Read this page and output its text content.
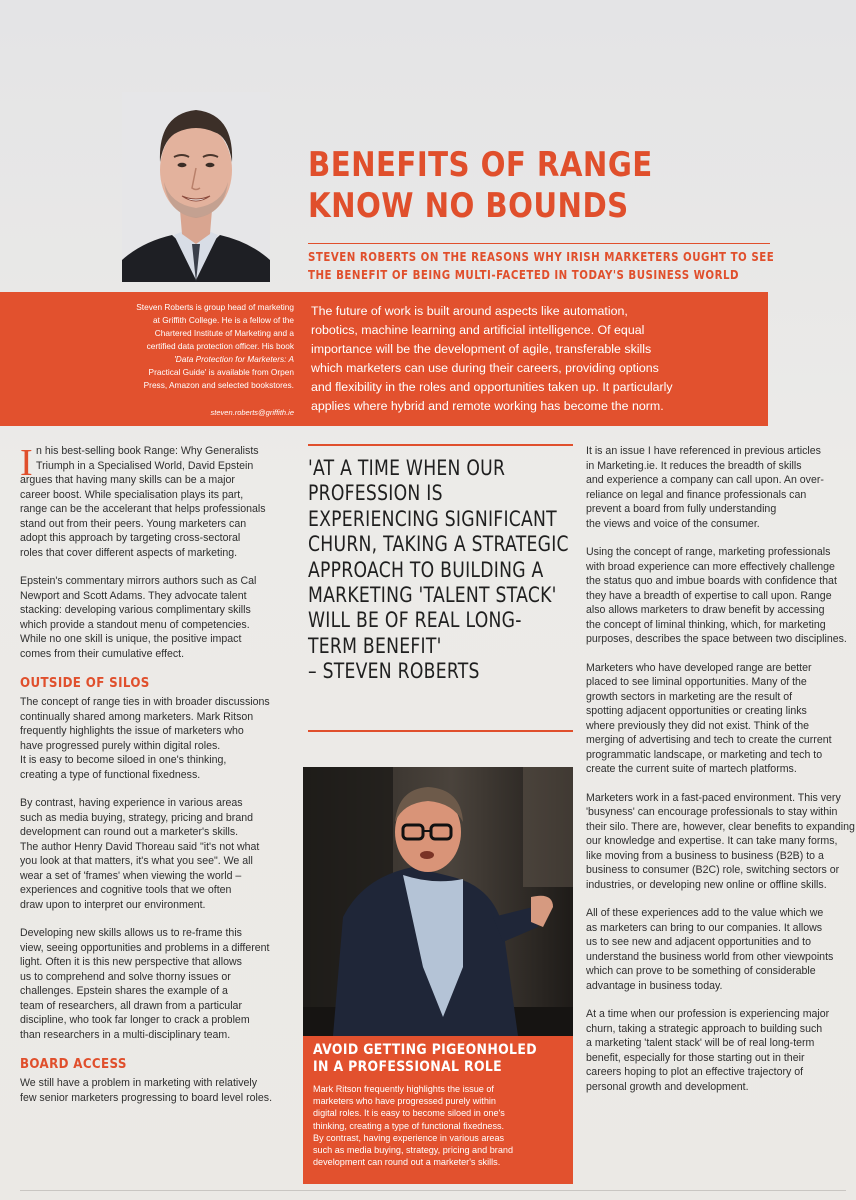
BENEFITS OF RANGE
KNOW NO BOUNDS
STEVEN ROBERTS ON THE REASONS WHY IRISH MARKETERS OUGHT TO SEE
THE BENEFIT OF BEING MULTI-FACETED IN TODAY'S BUSINESS WORLD

Steven Roberts is group head of marketing

at Griffith College. He is a fellow of the

Chartered Institute of Marketing and a

certified data protection officer. His book

'Data Protection for Marketers: A

Practical Guide' is available from Orpen

Press, Amazon and selected bookstores.

steven.roberts@griffith.ie

The future of work is built around aspects like automation,

robotics, machine learning and artificial intelligence. Of equal

importance will be the development of agile, transferable skills

which marketers can use during their careers, providing options

and flexibility in the roles and opportunities taken up. It particularly

applies where hybrid and remote working has become the norm.

I n his best-selling book Range: Why Generalists

Triumph in a Specialised World, David Epstein

argues that having many skills can be a major

career boost. While specialisation plays its part,

range can be the accelerant that helps professionals

stand out from their peers. Young marketers can

adopt this approach by targeting cross-sectoral

roles that cover different aspects of marketing.

Epstein's commentary mirrors authors such as Cal

Newport and Scott Adams. They advocate talent

stacking: developing various complimentary skills

which provide a standout menu of competencies.

While no one skill is unique, the positive impact

comes from their cumulative effect.

OUTSIDE OF SILOS

The concept of range ties in with broader discussions

continually shared among marketers. Mark Ritson

frequently highlights the issue of marketers who

have progressed purely within digital roles.

It is easy to become siloed in one's thinking,

creating a type of functional fixedness.

By contrast, having experience in various areas

such as media buying, strategy, pricing and brand

development can round out a marketer's skills.

The author Henry David Thoreau said "it's not what

you look at that matters, it's what you see". We all

wear a set of 'frames' when viewing the world –

experiences and cognitive tools that we often

draw upon to interpret our environment.

Developing new skills allows us to re-frame this

view, seeing opportunities and problems in a different

light. Often it is this new perspective that allows

us to comprehend and solve thorny issues or

challenges. Epstein shares the example of a

team of researchers, all drawn from a particular

discipline, who took far longer to crack a problem

than researchers in a multi-disciplinary team.

BOARD ACCESS

We still have a problem in marketing with relatively

few senior marketers progressing to board level roles.

'AT A TIME WHEN OUR

PROFESSION IS

EXPERIENCING SIGNIFICANT

CHURN, TAKING A STRATEGIC

APPROACH TO BUILDING A

MARKETING 'TALENT STACK'

WILL BE OF REAL LONG-

TERM BENEFIT'

– STEVEN ROBERTS

AVOID GETTING PIGEONHOLED
IN A PROFESSIONAL ROLE

Mark Ritson frequently highlights the issue of

marketers who have progressed purely within

digital roles. It is easy to become siloed in one's

thinking, creating a type of functional fixedness.

By contrast, having experience in various areas

such as media buying, strategy, pricing and brand

development can round out a marketer's skills.

It is an issue I have referenced in previous articles

in Marketing.ie. It reduces the breadth of skills

and experience a company can call upon. An over-

reliance on legal and finance professionals can

prevent a board from fully understanding

the views and voice of the consumer.

Using the concept of range, marketing professionals

with broad experience can more effectively challenge

the status quo and imbue boards with confidence that

they have a breadth of expertise to call upon. Range

also allows marketers to draw benefit by accessing

the concept of liminal thinking, which, for marketing

purposes, describes the space between two disciplines.

Marketers who have developed range are better

placed to see liminal opportunities. Many of the

growth sectors in marketing are the result of

spotting adjacent opportunities or creating links

where previously they did not exist. Think of the

merging of advertising and tech to create the current

programmatic landscape, or marketing and tech to

create the current suite of martech platforms.

Marketers work in a fast-paced environment. This very

'busyness' can encourage professionals to stay within

their silo. There are, however, clear benefits to expanding

our knowledge and expertise. It can take many forms,

like moving from a business to business (B2B) to a

business to consumer (B2C) role, switching sectors or

industries, or developing new online or offline skills.

All of these experiences add to the value which we

as marketers can bring to our companies. It allows

us to see new and adjacent opportunities and to

understand the business world from other viewpoints

which can prove to be something of considerable

advantage in business today.

At a time when our profession is experiencing major

churn, taking a strategic approach to building such

a marketing 'talent stack' will be of real long-term

benefit, especially for those starting out in their

careers hoping to plot an effective trajectory of

personal growth and development.
